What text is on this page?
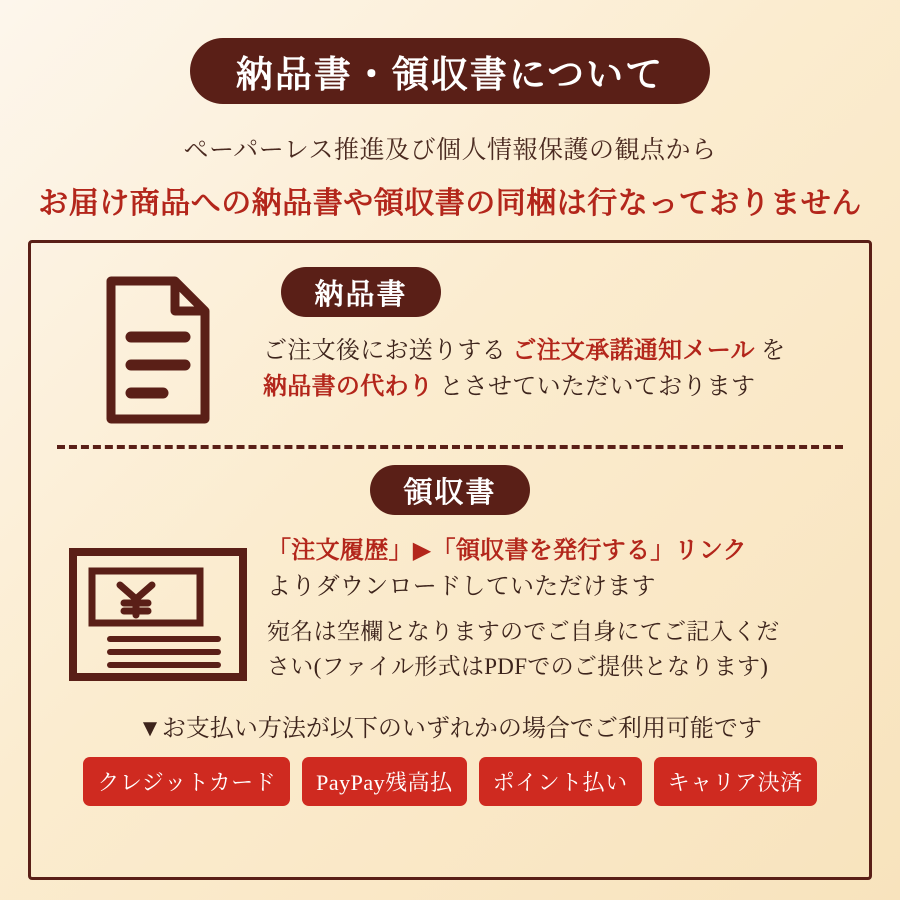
納品書・領収書について
ペーパーレス推進及び個人情報保護の観点から
お届け商品への納品書や領収書の同梱は行なっておりません
納品書
ご注文後にお送りする ご注文承諾通知メール を
納品書の代わり とさせていただいております
領収書
「注文履歴」▶「領収書を発行する」リンク
よりダウンロードしていただけます
宛名は空欄となりますのでご自身にてご記入くだ
さい(ファイル形式はPDFでのご提供となります)
▼お支払い方法が以下のいずれかの場合でご利用可能です
クレジットカード	PayPay残高払	ポイント払い	キャリア決済
